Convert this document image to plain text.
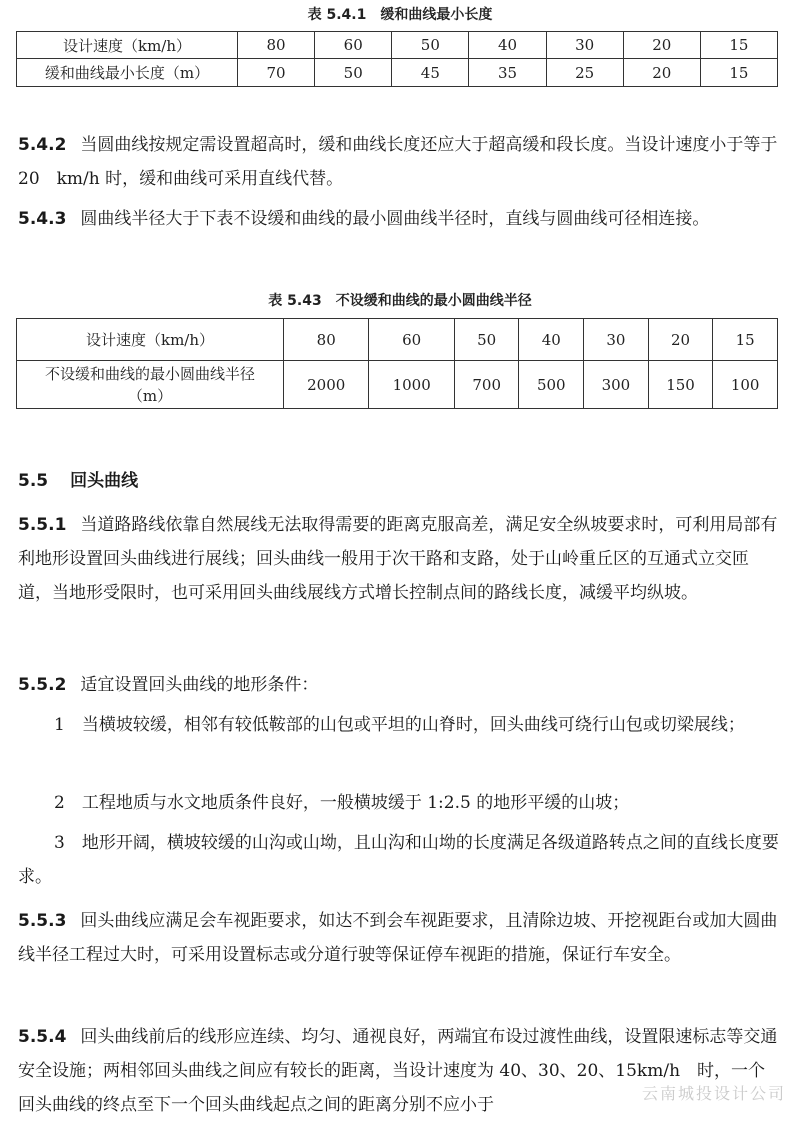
表 5.4.1　缓和曲线最小长度
设计速度（km/h）	80	60	50	40	30	20	15
缓和曲线最小长度（m）	70	50	45	35	25	20	15
5.4.2 当圆曲线按规定需设置超高时，缓和曲线长度还应大于超高缓和段长度。当设计速度小于等于 20　km/h 时，缓和曲线可采用直线代替。
5.4.3 圆曲线半径大于下表不设缓和曲线的最小圆曲线半径时，直线与圆曲线可径相连接。
表 5.43　不设缓和曲线的最小圆曲线半径
设计速度（km/h）	80	60	50	40	30	20	15
不设缓和曲线的最小圆曲线半径（m）	2000	1000	700	500	300	150	100
5.5 回头曲线
5.5.1 当道路路线依靠自然展线无法取得需要的距离克服高差，满足安全纵坡要求时，可利用局部有利地形设置回头曲线进行展线；回头曲线一般用于次干路和支路，处于山岭重丘区的互通式立交匝道，当地形受限时，也可采用回头曲线展线方式增长控制点间的路线长度，减缓平均纵坡。
5.5.2 适宜设置回头曲线的地形条件：
1　当横坡较缓，相邻有较低鞍部的山包或平坦的山脊时，回头曲线可绕行山包或切梁展线；
2　工程地质与水文地质条件良好，一般横坡缓于 1:2.5 的地形平缓的山坡；
3　地形开阔，横坡较缓的山沟或山坳，且山沟和山坳的长度满足各级道路转点之间的直线长度要求。
5.5.3 回头曲线应满足会车视距要求，如达不到会车视距要求，且清除边坡、开挖视距台或加大圆曲线半径工程过大时，可采用设置标志或分道行驶等保证停车视距的措施，保证行车安全。
5.5.4 回头曲线前后的线形应连续、均匀、通视良好，两端宜布设过渡性曲线，设置限速标志等交通安全设施；两相邻回头曲线之间应有较长的距离，当设计速度为 40、30、20、15km/h　时，一个回头曲线的终点至下一个回头曲线起点之间的距离分别不应小于
云南城投设计公司
